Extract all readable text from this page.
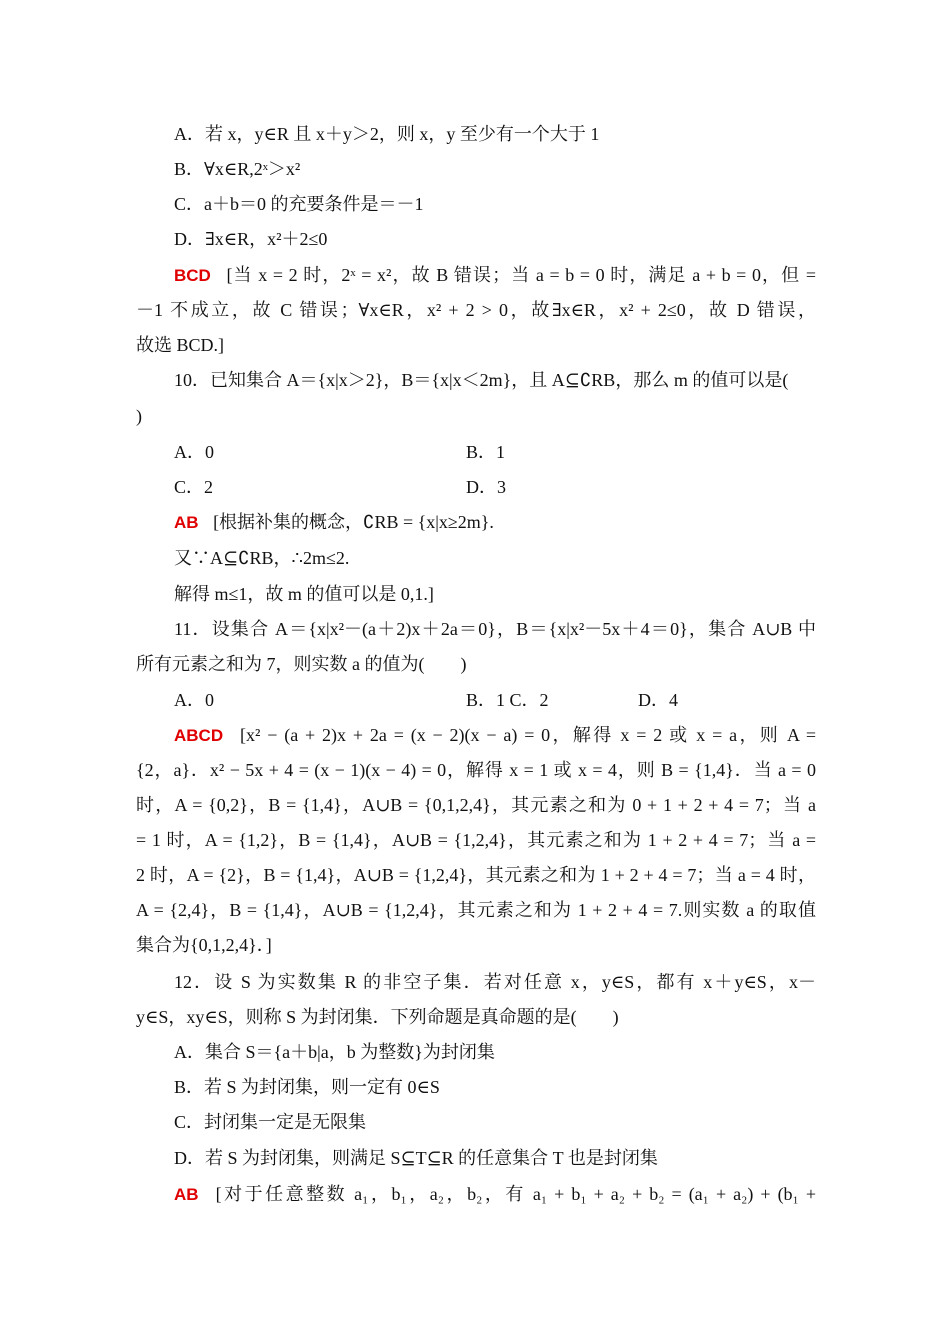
A．若 x，y∈R 且 x＋y＞2，则 x，y 至少有一个大于 1
B．∀x∈R,2ˣ＞x²
C．a＋b＝0 的充要条件是＝－1
D．∃x∈R，x²＋2≤0
BCD [当 x = 2 时，2ˣ = x²，故 B 错误；当 a = b = 0 时，满足 a + b = 0，但 =
－1 不成立，故 C 错误；∀x∈R，x² + 2 > 0，故∃x∈R，x² + 2≤0，故 D 错误，
故选 BCD.]
10．已知集合 A＝{x|x＞2}，B＝{x|x＜2m}，且 A⊆∁RB，那么 m 的值可以是(
)
A．0	B．1
C．2	D．3
AB [根据补集的概念，∁RB = {x|x≥2m}.
又∵A⊆∁RB，∴2m≤2.
解得 m≤1，故 m 的值可以是 0,1.]
11．设集合 A＝{x|x²－(a＋2)x＋2a＝0}，B＝{x|x²－5x＋4＝0}，集合 A∪B 中
所有元素之和为 7，则实数 a 的值为(　　)
A．0	B．1 C．2	D．4
ABCD [x² − (a + 2)x + 2a = (x − 2)(x − a) = 0，解得 x = 2 或 x = a，则 A =
{2，a}．x² − 5x + 4 = (x − 1)(x − 4) = 0，解得 x = 1 或 x = 4，则 B = {1,4}．当 a = 0
时，A = {0,2}，B = {1,4}，A∪B = {0,1,2,4}，其元素之和为 0 + 1 + 2 + 4 = 7；当 a
= 1 时，A = {1,2}，B = {1,4}，A∪B = {1,2,4}，其元素之和为 1 + 2 + 4 = 7；当 a =
2 时，A = {2}，B = {1,4}，A∪B = {1,2,4}，其元素之和为 1 + 2 + 4 = 7；当 a = 4 时，
A = {2,4}，B = {1,4}，A∪B = {1,2,4}，其元素之和为 1 + 2 + 4 = 7.则实数 a 的取值
集合为{0,1,2,4}．]
12．设 S 为实数集 R 的非空子集．若对任意 x，y∈S，都有 x＋y∈S，x－
y∈S，xy∈S，则称 S 为封闭集．下列命题是真命题的是(　　)
A．集合 S＝{a＋b|a，b 为整数}为封闭集
B．若 S 为封闭集，则一定有 0∈S
C．封闭集一定是无限集
D．若 S 为封闭集，则满足 S⊆T⊆R 的任意集合 T 也是封闭集
AB [对于任意整数 a₁，b₁，a₂，b₂，有 a₁ + b₁ + a₂ + b₂ = (a₁ + a₂) + (b₁ +
